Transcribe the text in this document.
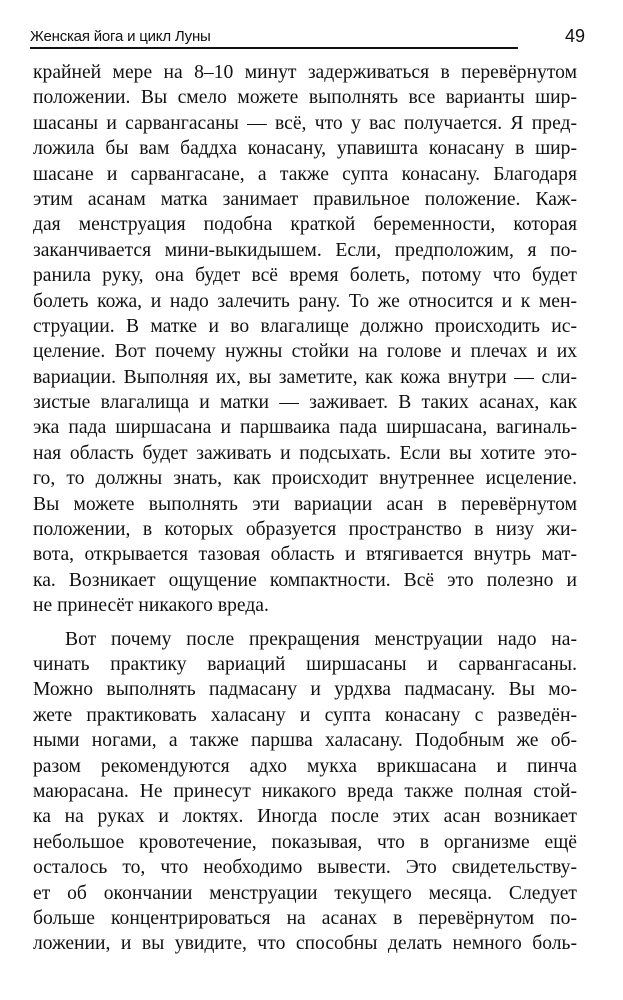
Женская йога и цикл Луны	49
крайней мере на 8–10 минут задерживаться в перевёрнутом
положении. Вы смело можете выполнять все варианты шир-
шасаны и сарвангасаны — всё, что у вас получается. Я пред-
ложила бы вам баддха конасану, упавишта конасану в шир-
шасане и сарвангасане, а также супта конасану. Благодаря
этим асанам матка занимает правильное положение. Каж-
дая менструация подобна краткой беременности, которая
заканчивается мини-выкидышем. Если, предположим, я по-
ранила руку, она будет всё время болеть, потому что будет
болеть кожа, и надо залечить рану. То же относится и к мен-
струации. В матке и во влагалище должно происходить ис-
целение. Вот почему нужны стойки на голове и плечах и их
вариации. Выполняя их, вы заметите, как кожа внутри — сли-
зистые влагалища и матки — заживает. В таких асанах, как
эка пада ширшасана и паршваика пада ширшасана, вагиналь-
ная область будет заживать и подсыхать. Если вы хотите это-
го, то должны знать, как происходит внутреннее исцеление.
Вы можете выполнять эти вариации асан в перевёрнутом
положении, в которых образуется пространство в низу жи-
вота, открывается тазовая область и втягивается внутрь мат-
ка. Возникает ощущение компактности. Всё это полезно и
не принесёт никакого вреда.
Вот почему после прекращения менструации надо на-
чинать практику вариаций ширшасаны и сарвангасаны.
Можно выполнять падмасану и урдхва падмасану. Вы мо-
жете практиковать халасану и супта конасану с разведён-
ными ногами, а также паршва халасану. Подобным же об-
разом рекомендуются адхо мукха врикшасана и пинча
маюрасана. Не принесут никакого вреда также полная стой-
ка на руках и локтях. Иногда после этих асан возникает
небольшое кровотечение, показывая, что в организме ещё
осталось то, что необходимо вывести. Это свидетельству-
ет об окончании менструации текущего месяца. Следует
больше концентрироваться на асанах в перевёрнутом по-
ложении, и вы увидите, что способны делать немного боль-
